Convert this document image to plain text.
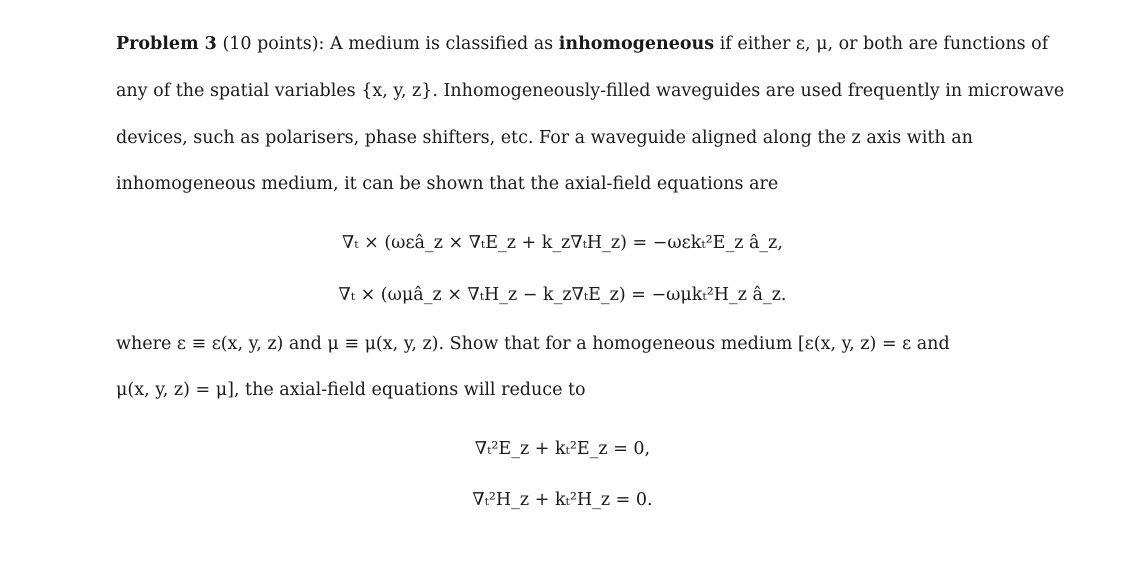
Problem 3 (10 points): A medium is classified as inhomogeneous if either ε, μ, or both are functions of
any of the spatial variables {x, y, z}. Inhomogeneously-filled waveguides are used frequently in microwave
devices, such as polarisers, phase shifters, etc. For a waveguide aligned along the z axis with an
inhomogeneous medium, it can be shown that the axial-field equations are
∇ₜ × (ωεâ_z × ∇ₜE_z + k_z∇ₜH_z) = −ωεkₜ²E_z â_z,
∇ₜ × (ωμâ_z × ∇ₜH_z − k_z∇ₜE_z) = −ωμkₜ²H_z â_z.
where ε ≡ ε(x, y, z) and μ ≡ μ(x, y, z). Show that for a homogeneous medium [ε(x, y, z) = ε and
μ(x, y, z) = μ], the axial-field equations will reduce to
∇ₜ²E_z + kₜ²E_z = 0,
∇ₜ²H_z + kₜ²H_z = 0.
